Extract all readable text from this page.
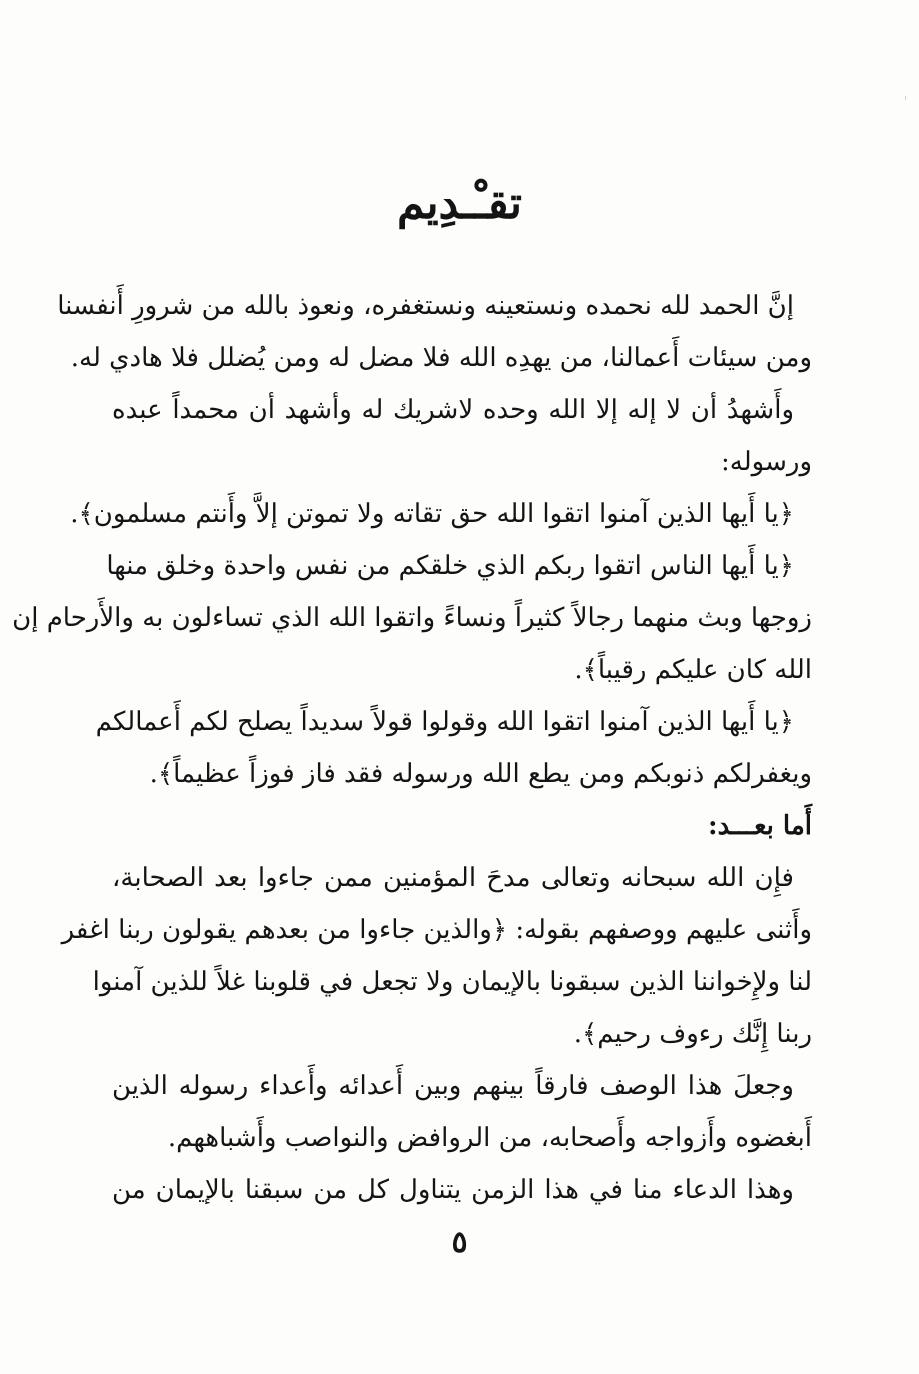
تقـْـدِيم
إنَّ الحمد لله نحمده ونستعينه ونستغفره، ونعوذ بالله من شرورِ أَنفسنا
ومن سيئات أَعمالنا، من يهدِه الله فلا مضل له ومن يُضلل فلا هادي له.
وأَشهدُ أن لا إله إلا الله وحده لاشريك له وأشهد أن محمداً عبده
ورسوله:
﴿يا أَيها الذين آمنوا اتقوا الله حق تقاته ولا تموتن إلاَّ وأَنتم مسلمون﴾.
﴿يا أَيها الناس اتقوا ربكم الذي خلقكم من نفس واحدة وخلق منها
زوجها وبث منهما رجالاً كثيراً ونساءً واتقوا الله الذي تساءلون به والأَرحام إن
الله كان عليكم رقيباً﴾.
﴿يا أَيها الذين آمنوا اتقوا الله وقولوا قولاً سديداً يصلح لكم أَعمالكم
ويغفرلكم ذنوبكم ومن يطع الله ورسوله فقد فاز فوزاً عظيماً﴾.
أَما بعـــد:
فإِن الله سبحانه وتعالى مدحَ المؤمنين ممن جاءوا بعد الصحابة،
وأَثنى عليهم ووصفهم بقوله: ﴿والذين جاءوا من بعدهم يقولون ربنا اغفر
لنا ولإِخواننا الذين سبقونا بالإيمان ولا تجعل في قلوبنا غلاً للذين آمنوا
ربنا إِنَّك رءوف رحيم﴾.
وجعلَ هذا الوصف فارقاً بينهم وبين أَعدائه وأَعداء رسوله الذين
أَبغضوه وأَزواجه وأَصحابه، من الروافض والنواصب وأَشباههم.
وهذا الدعاء منا في هذا الزمن يتناول كل من سبقنا بالإيمان من
٥
